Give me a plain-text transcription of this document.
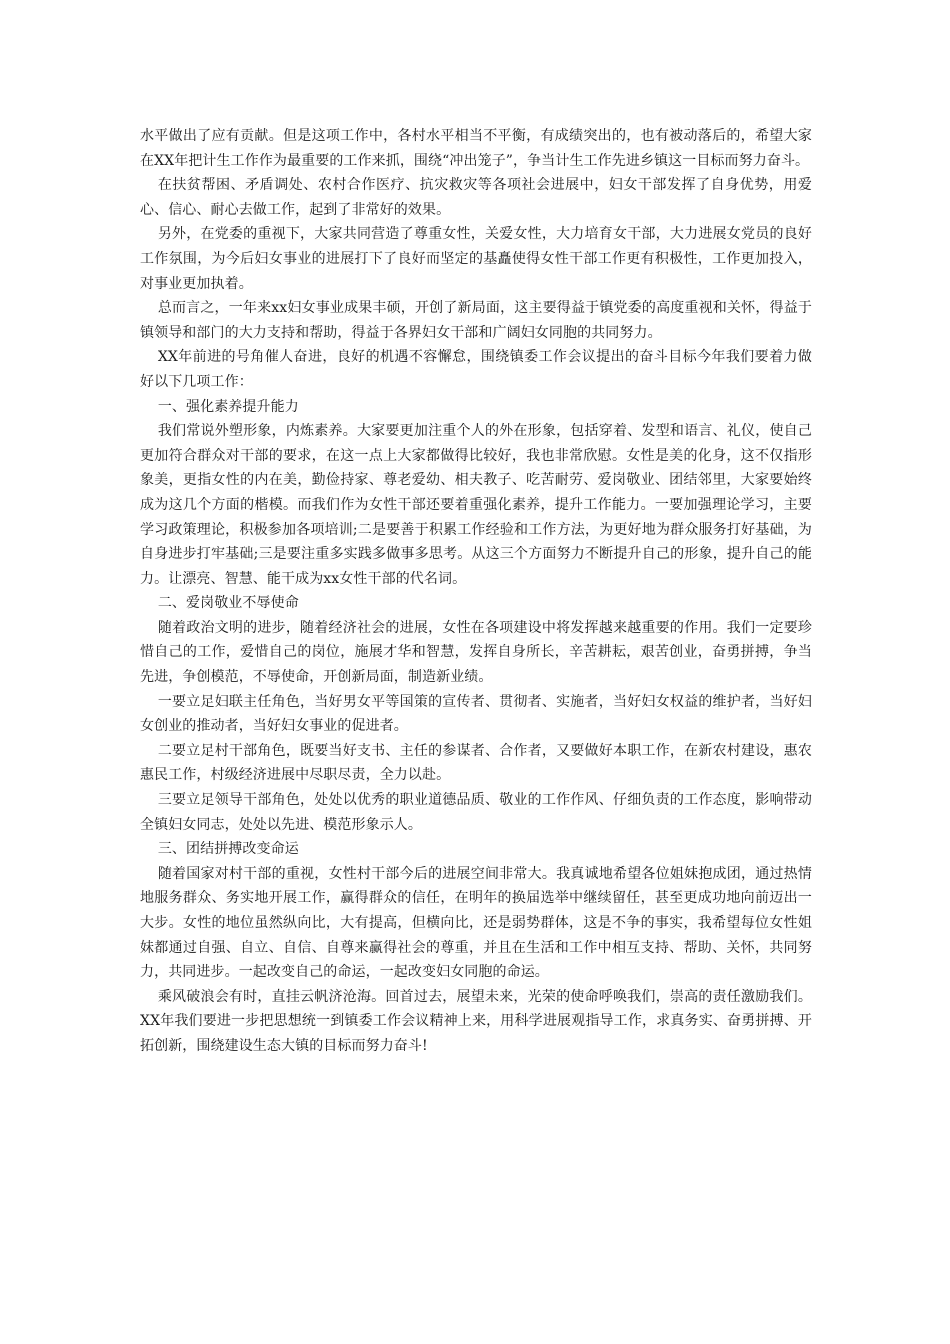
水平做出了应有贡献。但是这项工作中，各村水平相当不平衡，有成绩突出的，也有被动落后的，希望大家在XX年把计生工作作为最重要的工作来抓，围绕“冲出笼子”，争当计生工作先进乡镇这一目标而努力奋斗。

在扶贫帮困、矛盾调处、农村合作医疗、抗灾救灾等各项社会进展中，妇女干部发挥了自身优势，用爱心、信心、耐心去做工作，起到了非常好的效果。

另外，在党委的重视下，大家共同营造了尊重女性，关爱女性，大力培育女干部，大力进展女党员的良好工作氛围，为今后妇女事业的进展打下了良好而坚定的基矗使得女性干部工作更有积极性，工作更加投入，对事业更加执着。

总而言之，一年来xx妇女事业成果丰硕，开创了新局面，这主要得益于镇党委的高度重视和关怀，得益于镇领导和部门的大力支持和帮助，得益于各界妇女干部和广阔妇女同胞的共同努力。

XX年前进的号角催人奋进，良好的机遇不容懈怠，围绕镇委工作会议提出的奋斗目标今年我们要着力做好以下几项工作：

一、强化素养提升能力

我们常说外塑形象，内炼素养。大家要更加注重个人的外在形象，包括穿着、发型和语言、礼仪，使自己更加符合群众对干部的要求，在这一点上大家都做得比较好，我也非常欣慰。女性是美的化身，这不仅指形象美，更指女性的内在美，勤俭持家、尊老爱幼、相夫教子、吃苦耐劳、爱岗敬业、团结邻里，大家要始终成为这几个方面的楷模。而我们作为女性干部还要着重强化素养，提升工作能力。一要加强理论学习，主要学习政策理论，积极参加各项培训;二是要善于积累工作经验和工作方法，为更好地为群众服务打好基础，为自身进步打牢基础;三是要注重多实践多做事多思考。从这三个方面努力不断提升自己的形象，提升自己的能力。让漂亮、智慧、能干成为xx女性干部的代名词。

二、爱岗敬业不辱使命

随着政治文明的进步，随着经济社会的进展，女性在各项建设中将发挥越来越重要的作用。我们一定要珍惜自己的工作，爱惜自己的岗位，施展才华和智慧，发挥自身所长，辛苦耕耘，艰苦创业，奋勇拼搏，争当先进，争创模范，不辱使命，开创新局面，制造新业绩。

一要立足妇联主任角色，当好男女平等国策的宣传者、贯彻者、实施者，当好妇女权益的维护者，当好妇女创业的推动者，当好妇女事业的促进者。

二要立足村干部角色，既要当好支书、主任的参谋者、合作者，又要做好本职工作，在新农村建设，惠农惠民工作，村级经济进展中尽职尽责，全力以赴。

三要立足领导干部角色，处处以优秀的职业道德品质、敬业的工作作风、仔细负责的工作态度，影响带动全镇妇女同志，处处以先进、模范形象示人。

三、团结拼搏改变命运

随着国家对村干部的重视，女性村干部今后的进展空间非常大。我真诚地希望各位姐妹抱成团，通过热情地服务群众、务实地开展工作，赢得群众的信任，在明年的换届选举中继续留任，甚至更成功地向前迈出一大步。女性的地位虽然纵向比，大有提高，但横向比，还是弱势群体，这是不争的事实，我希望每位女性姐妹都通过自强、自立、自信、自尊来赢得社会的尊重，并且在生活和工作中相互支持、帮助、关怀，共同努力，共同进步。一起改变自己的命运，一起改变妇女同胞的命运。

乘风破浪会有时，直挂云帆济沧海。回首过去，展望未来，光荣的使命呼唤我们，崇高的责任激励我们。XX年我们要进一步把思想统一到镇委工作会议精神上来，用科学进展观指导工作，求真务实、奋勇拼搏、开拓创新，围绕建设生态大镇的目标而努力奋斗!
